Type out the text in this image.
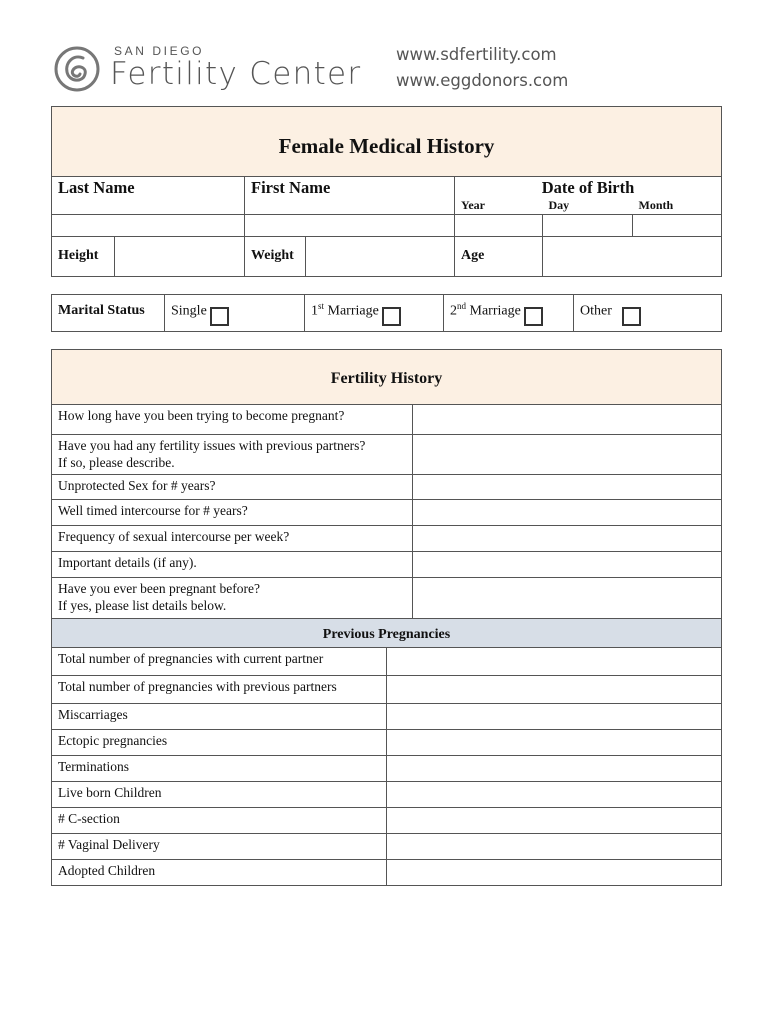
SAN DIEGO
Fertility Center
www.sdfertility.com
www.eggdonors.com
Female Medical History						
Last Name		First Name		Date of Birth		
				Year	Day	Month

Height		Weight		Age		
Marital Status	Single	1st Marriage	2nd Marriage	Other
Fertility History		
How long have you been trying to become pregnant?		

Have you had any fertility issues with previous partners?
If so, please describe.		

Unprotected Sex for # years?		
Well timed intercourse for # years?		
Frequency of sexual intercourse per week?		
Important details (if any).		

Have you ever been pregnant before?
If yes, please list details below.		

Previous Pregnancies		
Total number of pregnancies with current partner		
Total number of pregnancies with previous partners		
Miscarriages		
Ectopic pregnancies		
Terminations		
Live born Children		
# C-section		
# Vaginal Delivery		
Adopted Children		
